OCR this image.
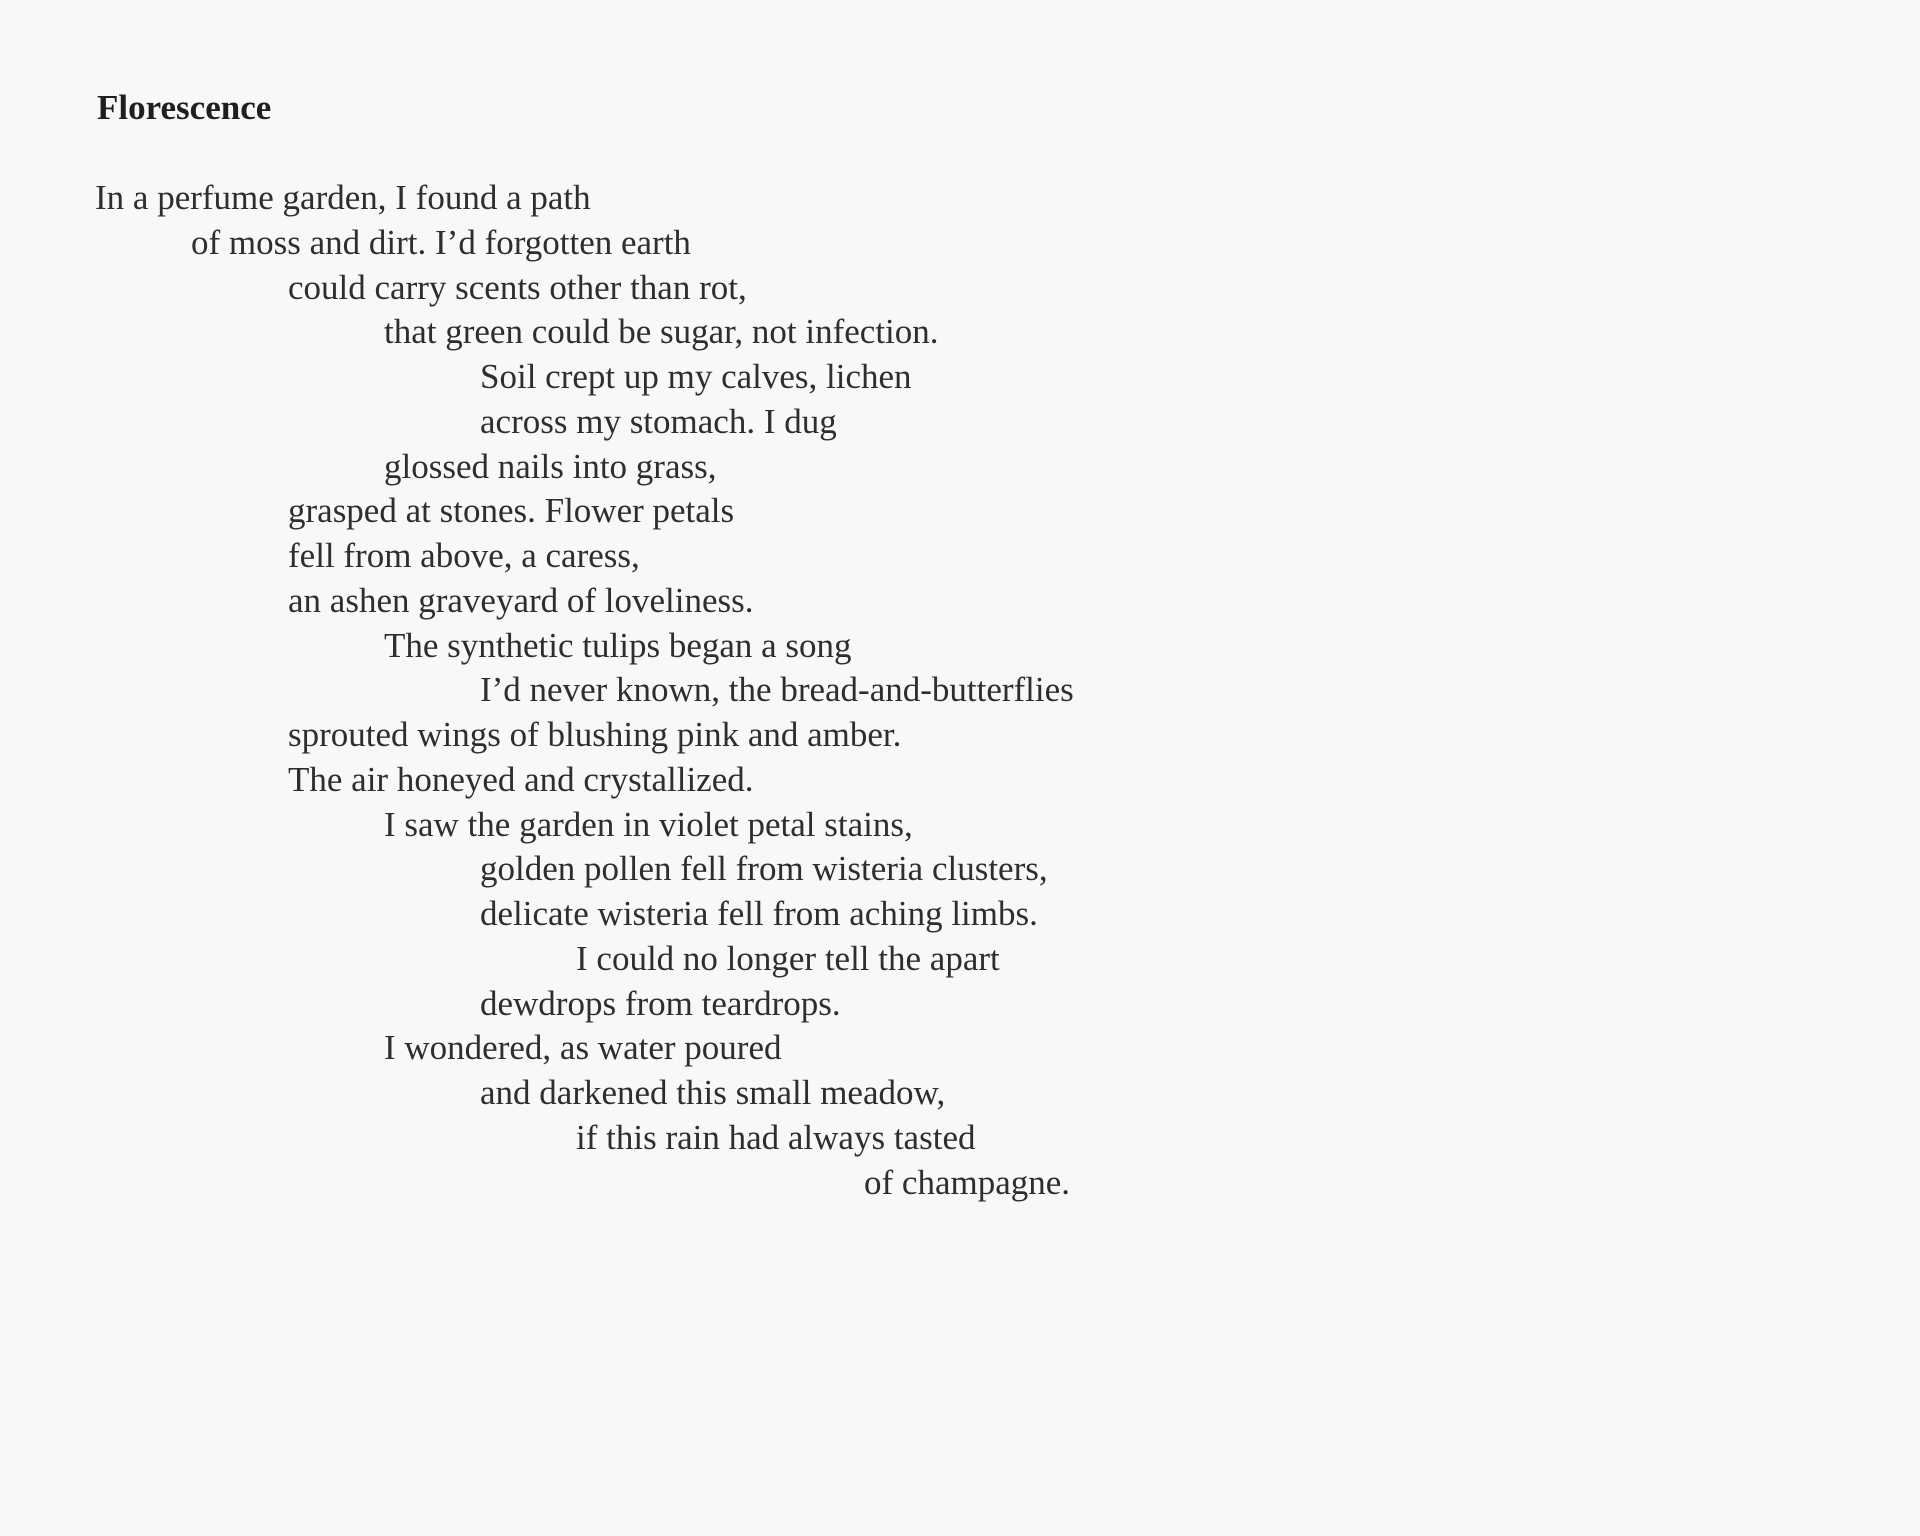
Florescence
In a perfume garden, I found a path
of moss and dirt. I’d forgotten earth
could carry scents other than rot,
that green could be sugar, not infection.
Soil crept up my calves, lichen
across my stomach. I dug
glossed nails into grass,
grasped at stones. Flower petals
fell from above, a caress,
an ashen graveyard of loveliness.
The synthetic tulips began a song
I’d never known, the bread-and-butterflies
sprouted wings of blushing pink and amber.
The air honeyed and crystallized.
I saw the garden in violet petal stains,
golden pollen fell from wisteria clusters,
delicate wisteria fell from aching limbs.
I could no longer tell the apart
dewdrops from teardrops.
I wondered, as water poured
and darkened this small meadow,
if this rain had always tasted
of champagne.
